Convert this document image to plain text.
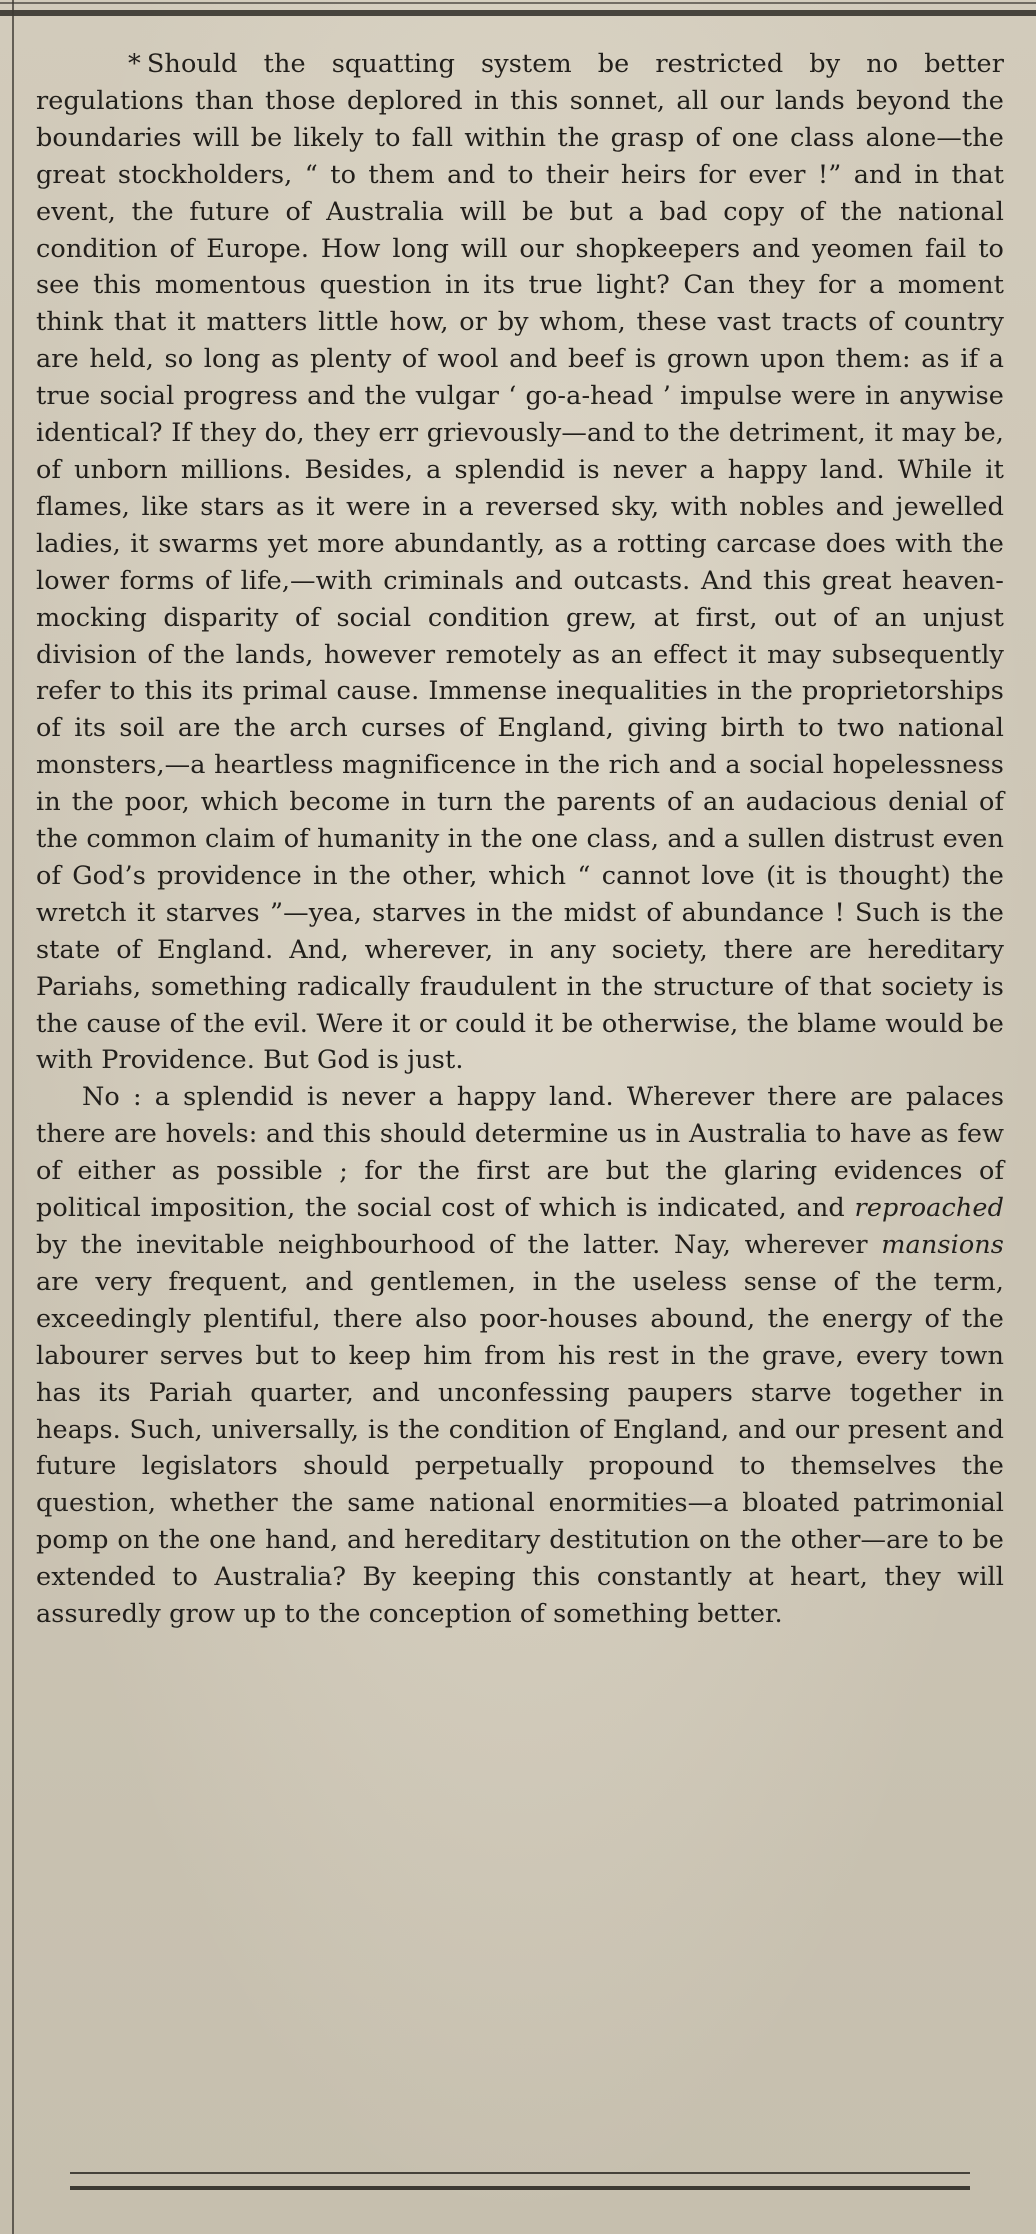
* Should the squatting system be restricted by no better regulations than those deplored in this sonnet, all our lands beyond the boundaries will be likely to fall within the grasp of one class alone—the great stockholders, “ to them and to their heirs for ever !” and in that event, the future of Australia will be but a bad copy of the national condition of Europe. How long will our shopkeepers and yeomen fail to see this momentous question in its true light? Can they for a moment think that it matters little how, or by whom, these vast tracts of country are held, so long as plenty of wool and beef is grown upon them: as if a true social progress and the vulgar ‘ go-a-head ’ impulse were in anywise identical? If they do, they err grievously—and to the detriment, it may be, of unborn millions. Besides, a splendid is never a happy land. While it flames, like stars as it were in a reversed sky, with nobles and jewelled ladies, it swarms yet more abundantly, as a rotting carcase does with the lower forms of life,—with criminals and outcasts. And this great heaven-mocking disparity of social condition grew, at first, out of an unjust division of the lands, however remotely as an effect it may subsequently refer to this its primal cause. Immense inequalities in the proprietorships of its soil are the arch curses of England, giving birth to two national monsters,—a heartless magnificence in the rich and a social hopelessness in the poor, which become in turn the parents of an audacious denial of the common claim of humanity in the one class, and a sullen distrust even of God’s providence in the other, which “ cannot love (it is thought) the wretch it starves ”—yea, starves in the midst of abundance ! Such is the state of England. And, wherever, in any society, there are hereditary Pariahs, something radically fraudulent in the structure of that society is the cause of the evil. Were it or could it be otherwise, the blame would be with Providence. But God is just.

No : a splendid is never a happy land. Wherever there are palaces there are hovels: and this should determine us in Australia to have as few of either as possible ; for the first are but the glaring evidences of political imposition, the social cost of which is indicated, and reproached by the inevitable neighbourhood of the latter. Nay, wherever mansions are very frequent, and gentlemen, in the useless sense of the term, exceedingly plentiful, there also poor-houses abound, the energy of the labourer serves but to keep him from his rest in the grave, every town has its Pariah quarter, and unconfessing paupers starve together in heaps. Such, universally, is the condition of England, and our present and future legislators should perpetually propound to themselves the question, whether the same national enormities—a bloated patrimonial pomp on the one hand, and hereditary destitution on the other—are to be extended to Australia? By keeping this constantly at heart, they will assuredly grow up to the conception of something better.
